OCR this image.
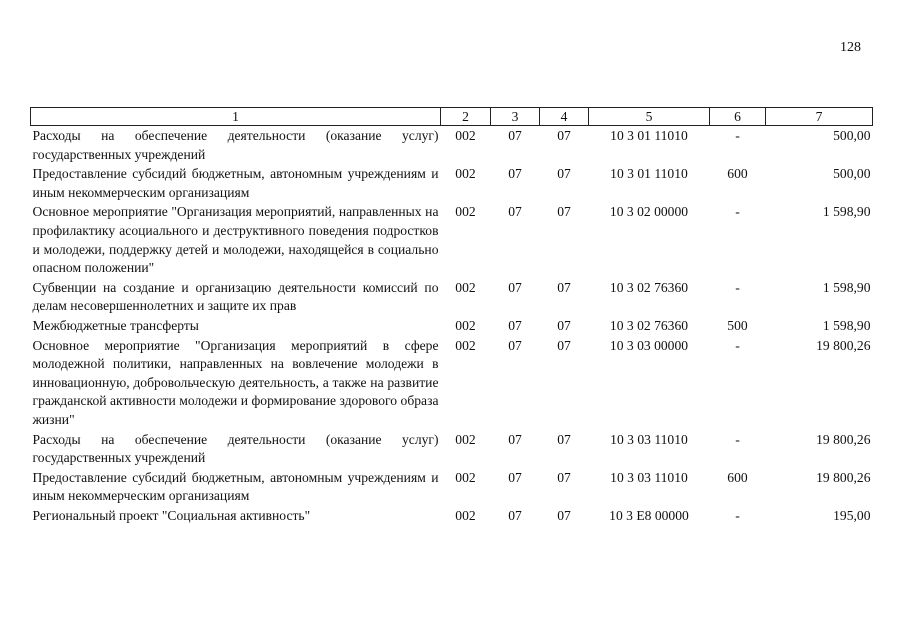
128
1	2	3	4	5	6	7
Расходы на обеспечение деятельности (оказание услуг) государственных учреждений	002	07	07	10 3 01 11010	-	500,00
Предоставление субсидий бюджетным, автономным учреждениям и иным некоммерческим организациям	002	07	07	10 3 01 11010	600	500,00
Основное мероприятие "Организация мероприятий, направленных на профилактику асоциального и деструктивного поведения подростков и молодежи, поддержку детей и молодежи, находящейся в социально опасном положении"	002	07	07	10 3 02 00000	-	1 598,90
Субвенции на создание и организацию деятельности комиссий по делам несовершеннолетних и защите их прав	002	07	07	10 3 02 76360	-	1 598,90
Межбюджетные трансферты	002	07	07	10 3 02 76360	500	1 598,90
Основное мероприятие "Организация мероприятий в сфере молодежной политики, направленных на вовлечение молодежи в инновационную, добровольческую деятельность, а также на развитие гражданской активности молодежи и формирование здорового образа жизни"	002	07	07	10 3 03 00000	-	19 800,26
Расходы на обеспечение деятельности (оказание услуг) государственных учреждений	002	07	07	10 3 03 11010	-	19 800,26
Предоставление субсидий бюджетным, автономным учреждениям и иным некоммерческим организациям	002	07	07	10 3 03 11010	600	19 800,26
Региональный проект "Социальная активность"	002	07	07	10 3 E8 00000	-	195,00
